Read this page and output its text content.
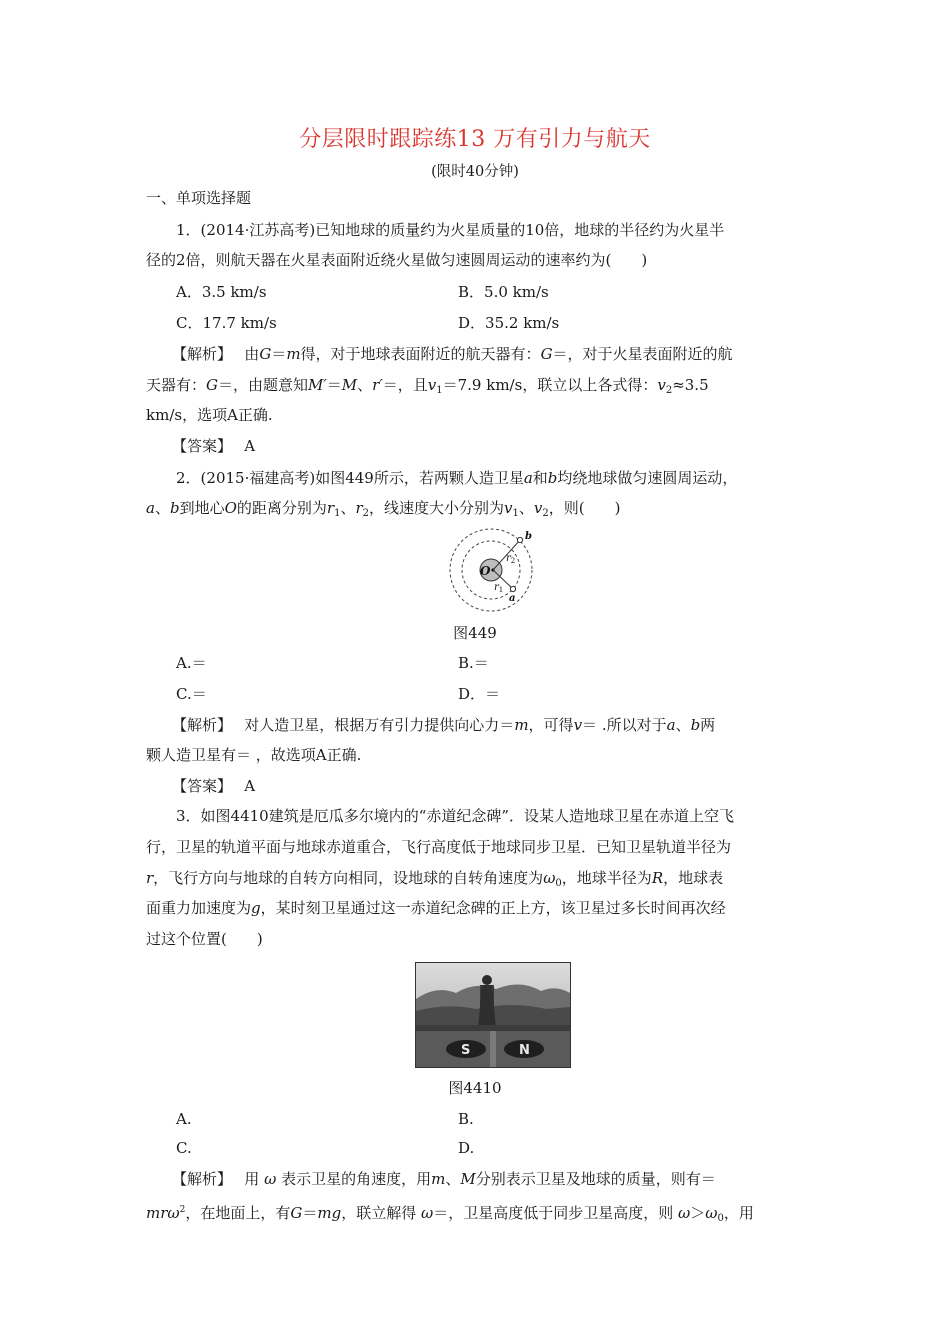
分层限时跟踪练13 万有引力与航天
(限时40分钟)
一、单项选择题
1．(2014·江苏高考)已知地球的质量约为火星质量的10倍，地球的半径约为火星半
径的2倍，则航天器在火星表面附近绕火星做匀速圆周运动的速率约为(　　)
A．3.5 km/s	B．5.0 km/s
C．17.7 km/s	D．35.2 km/s
【解析】　 由G＝m得，对于地球表面附近的航天器有：G＝，对于火星表面附近的航
天器有：G＝，由题意知M′＝M、r′＝，且$v_1=7.9$ km/s，联立以上各式得：$v_2\approx 3.5$
km/s，选项A正确.
【答案】　 A
2．(2015·福建高考)如图449所示，若两颗人造卫星a和b均绕地球做匀速圆周运动，
a、b到地心O的距离分别为$r_1$、$r_2$，线速度大小分别为$v_1$、$v_2$，则(　　)
O
b
a
$r_2$
$r_1$
图449
A.＝	B.＝
C.＝	D．＝
【解析】　 对人造卫星，根据万有引力提供向心力＝m，可得v＝ .所以对于a、b两
颗人造卫星有＝ ，故选项A正确.
【答案】　 A
3．如图4410建筑是厄瓜多尔境内的“赤道纪念碑”．设某人造地球卫星在赤道上空飞
行，卫星的轨道平面与地球赤道重合，飞行高度低于地球同步卫星．已知卫星轨道半径为
r，飞行方向与地球的自转方向相同，设地球的自转角速度为$\omega_0$，地球半径为R，地球表
面重力加速度为g，某时刻卫星通过这一赤道纪念碑的正上方，该卫星过多长时间再次经
过这个位置(　　)
S	N
图4410
A.	B.
C.	D.
【解析】　 用 ω 表示卫星的角速度，用m、M分别表示卫星及地球的质量，则有＝
mrω$^2$，在地面上，有G＝mg，联立解得 ω＝，卫星高度低于同步卫星高度，则 $\omega>\omega_0$，用
